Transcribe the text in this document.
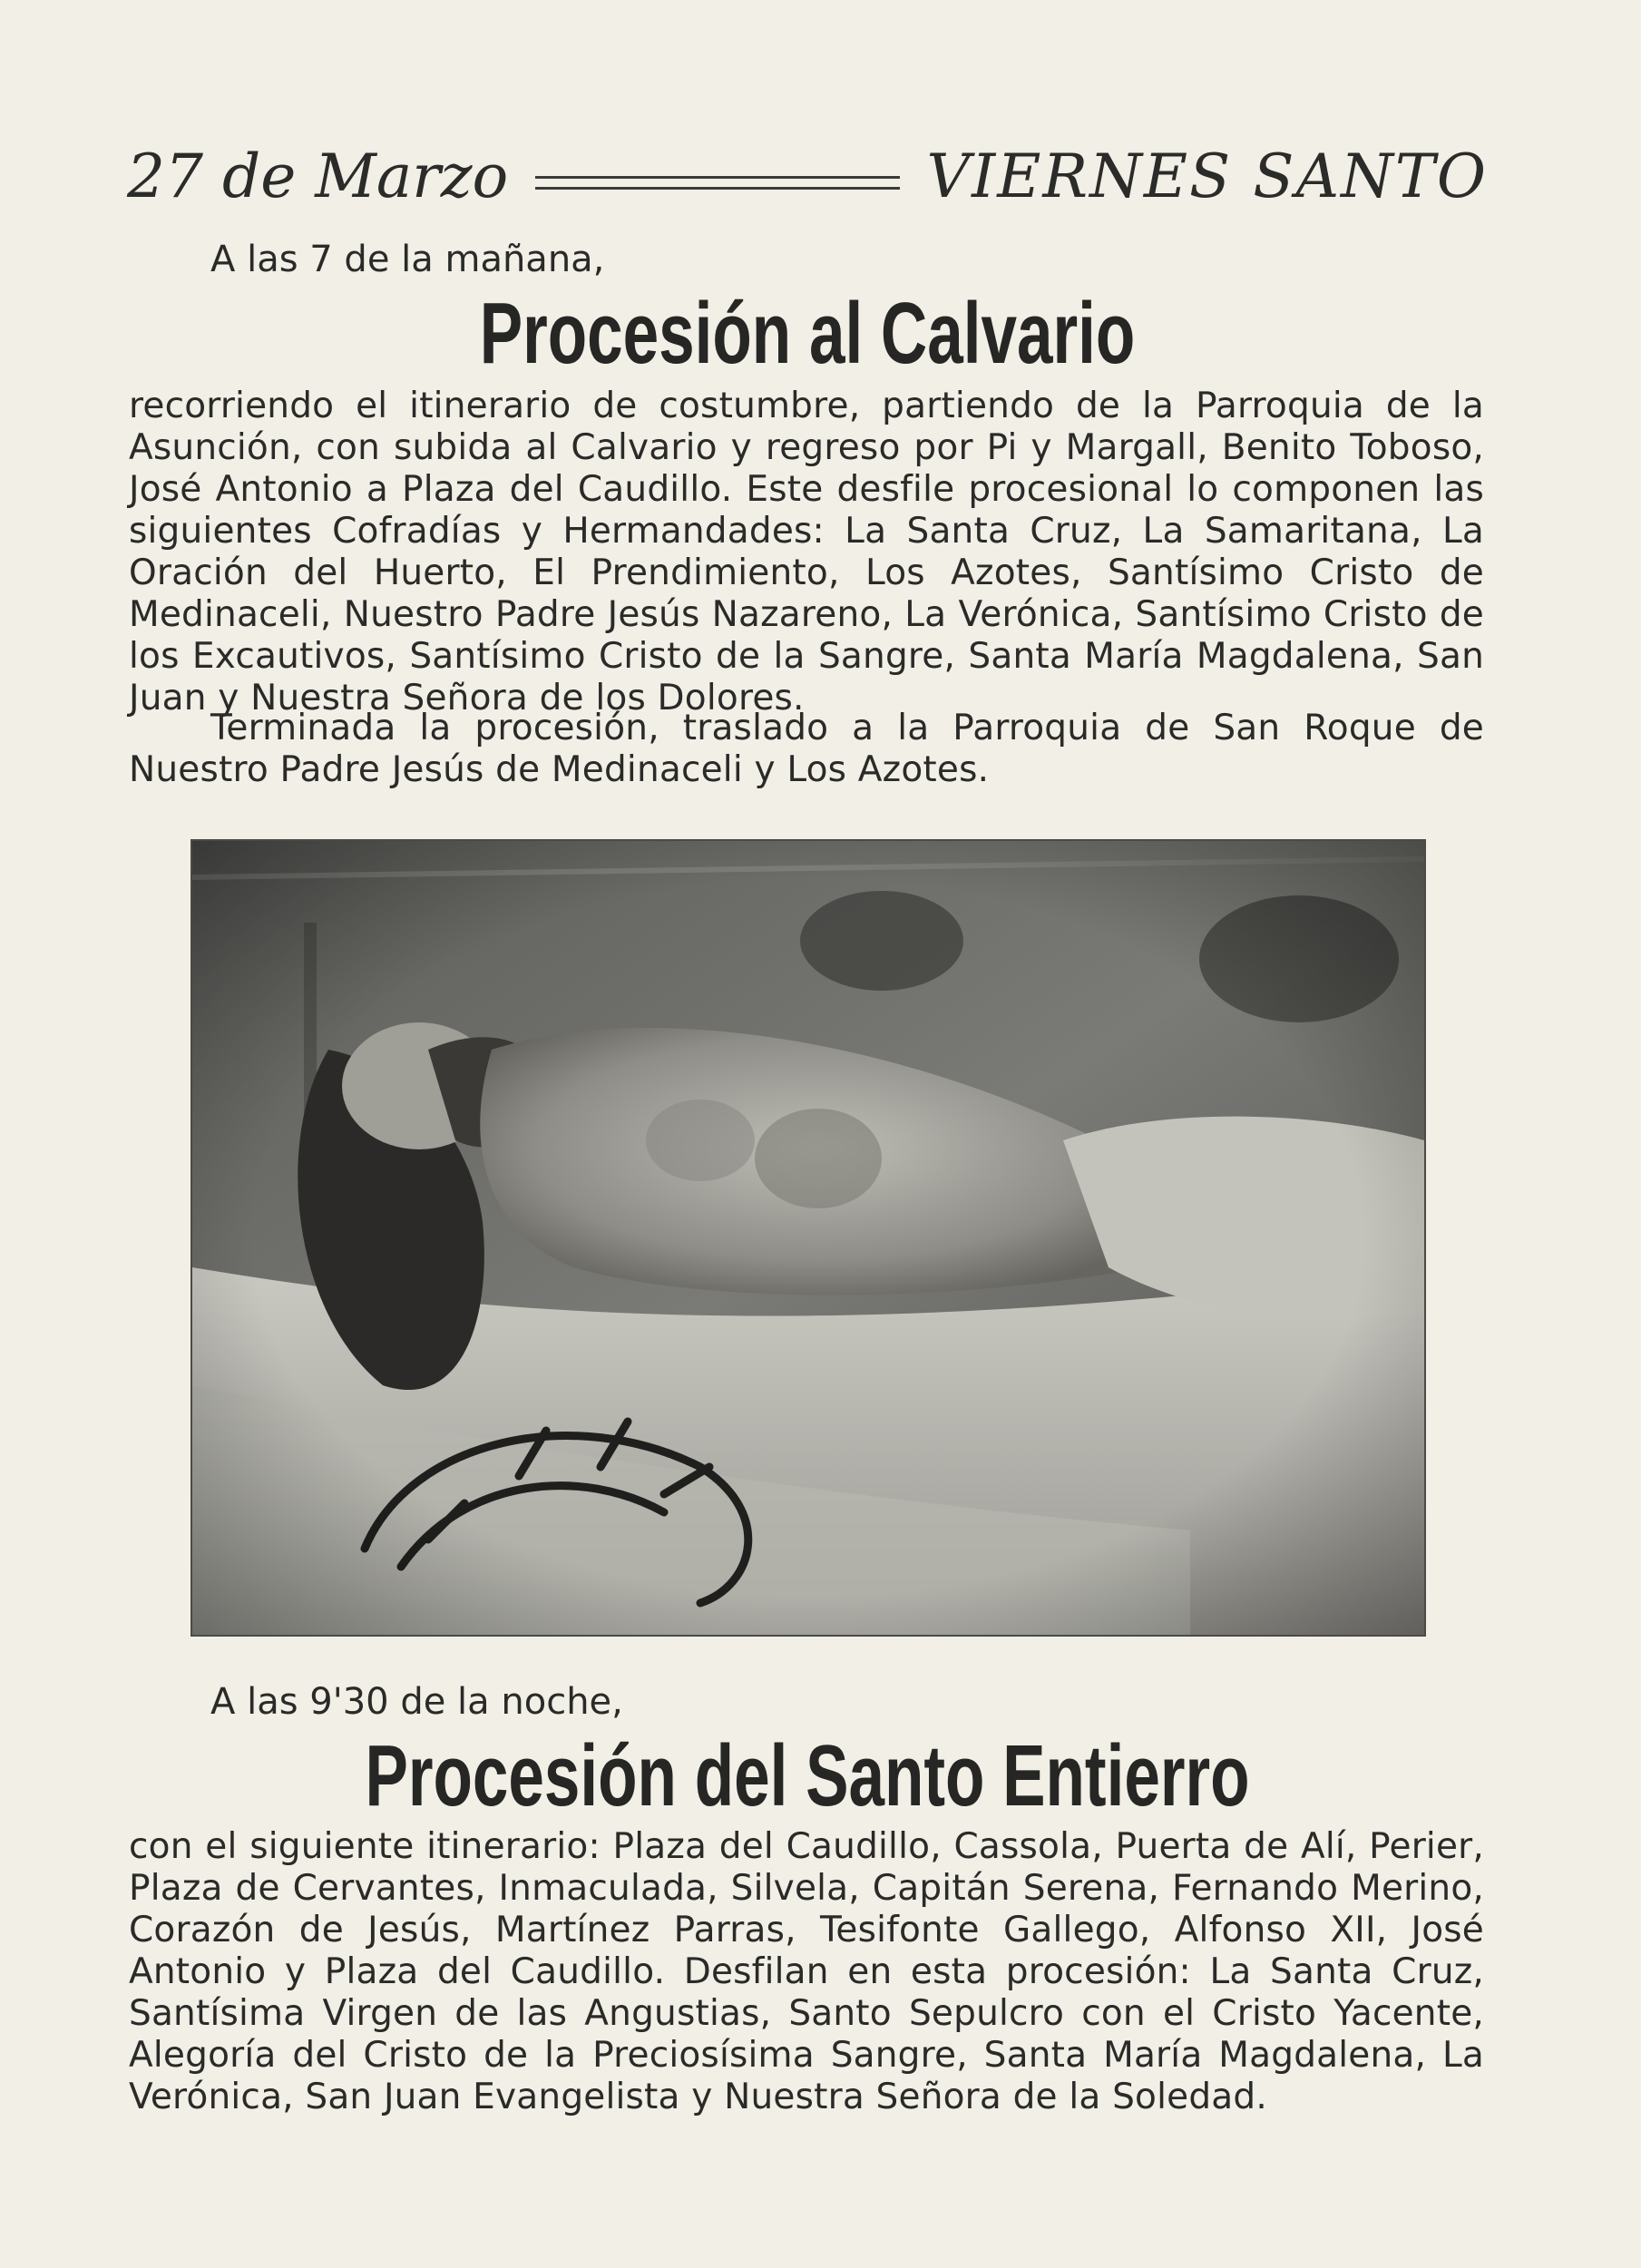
27 de Marzo	VIERNES SANTO
A las 7 de la mañana,
Procesión al Calvario

recorriendo el itinerario de costumbre, partiendo de la Parroquia de la Asunción, con subida al Calvario y regreso por Pi y Margall, Benito Toboso, José Antonio a Plaza del Caudillo. Este desfile procesional lo componen las siguientes Cofradías y Hermandades: La Santa Cruz, La Samaritana, La Oración del Huerto, El Prendimiento, Los Azotes, Santísimo Cristo de Medinaceli, Nuestro Padre Jesús Nazareno, La Verónica, Santísimo Cristo de los Excautivos, Santísimo Cristo de la Sangre, Santa María Magdalena, San Juan y Nuestra Señora de los Dolores.

Terminada la procesión, traslado a la Parroquia de San Roque de Nuestro Padre Jesús de Medinaceli y Los Azotes.

A las 9'30 de la noche,
Procesión del Santo Entierro

con el siguiente itinerario: Plaza del Caudillo, Cassola, Puerta de Alí, Perier, Plaza de Cervantes, Inmaculada, Silvela, Capitán Serena, Fernando Merino, Corazón de Jesús, Martínez Parras, Tesifonte Gallego, Alfonso XII, José Antonio y Plaza del Caudillo. Desfilan en esta procesión: La Santa Cruz, Santísima Virgen de las Angustias, Santo Sepulcro con el Cristo Yacente, Alegoría del Cristo de la Preciosísima Sangre, Santa María Magdalena, La Verónica, San Juan Evangelista y Nuestra Señora de la Soledad.
